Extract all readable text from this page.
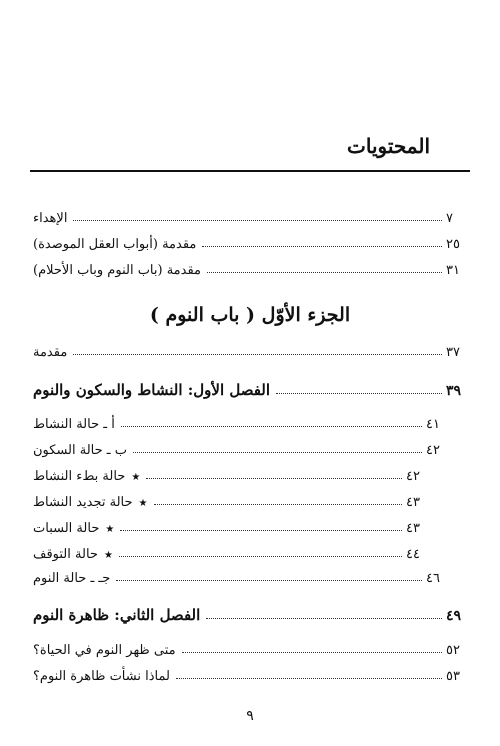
المحتويات
الإهداء	٧
مقدمة (أبواب العقل الموصدة)	٢٥
مقدمة (باب النوم وباب الأحلام)	٣١
الجزء الأوّل ( باب النوم )
مقدمة	٣٧
الفصل الأول: النشاط والسكون والنوم	٣٩
أ ـ حالة النشاط	٤١
ب ـ حالة السكون	٤٢
★حالة بطء النشاط	٤٢
★حالة تجديد النشاط	٤٣
★حالة السبات	٤٣
★حالة التوقف	٤٤
جـ ـ حالة النوم	٤٦
الفصل الثاني: ظاهرة النوم	٤٩
متى ظهر النوم في الحياة؟	٥٢
لماذا نشأت ظاهرة النوم؟	٥٣
٩
